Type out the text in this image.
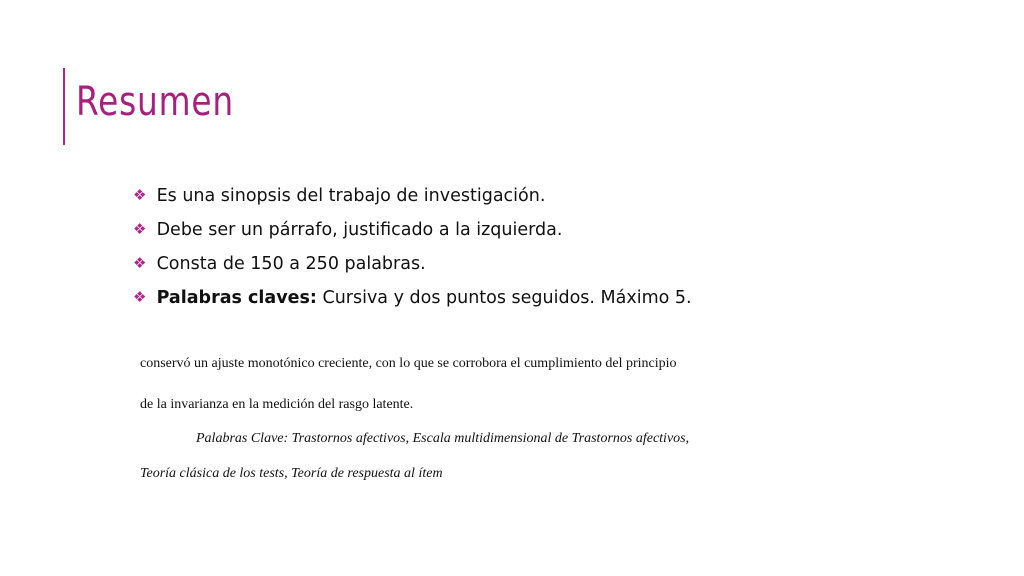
Resumen
❖ Es una sinopsis del trabajo de investigación.
❖ Debe ser un párrafo, justificado a la izquierda.
❖ Consta de 150 a 250 palabras.
❖ Palabras claves: Cursiva y dos puntos seguidos. Máximo 5.
conservó un ajuste monotónico creciente, con lo que se corrobora el cumplimiento del principio
de la invarianza en la medición del rasgo latente.
Palabras Clave: Trastornos afectivos, Escala multidimensional de Trastornos afectivos,
Teoría clásica de los tests, Teoría de respuesta al ítem
